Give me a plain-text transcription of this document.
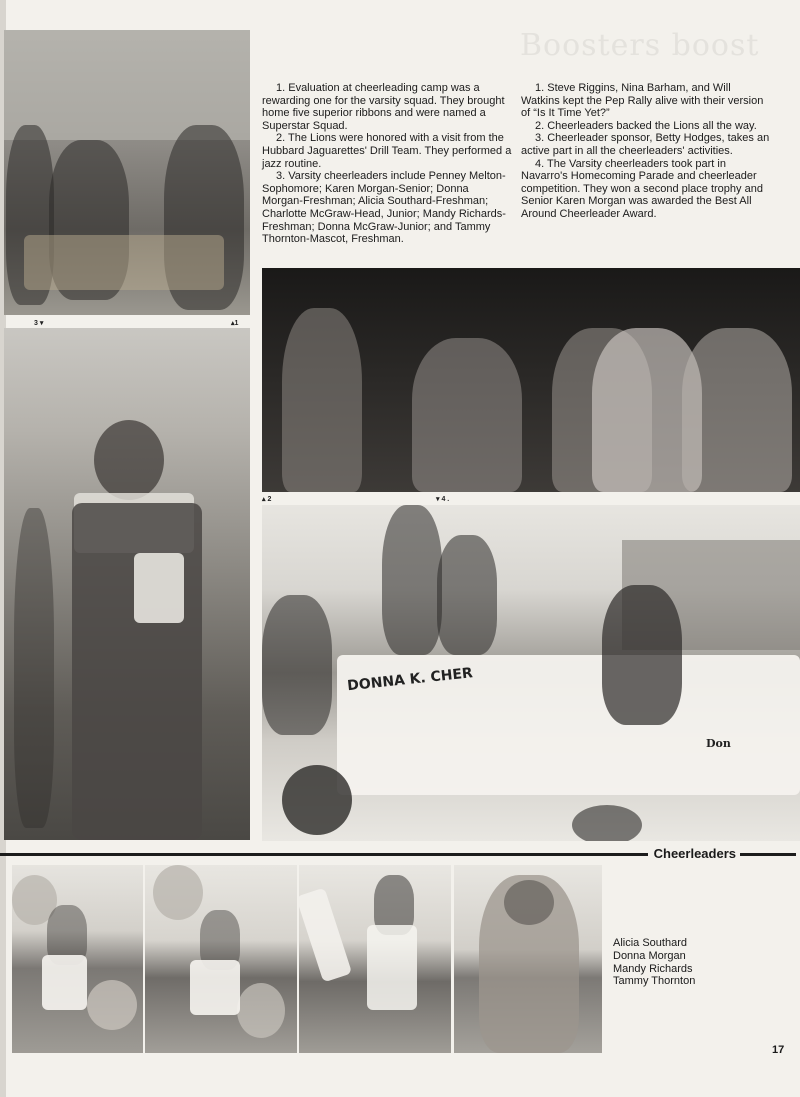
Boosters boost
3 ▾	▴1

1. Evaluation at cheerleading camp was a rewarding one for the varsity squad. They brought home five superior ribbons and were named a Superstar Squad.

2. The Lions were honored with a visit from the Hubbard Jaguarettes' Drill Team. They performed a jazz routine.

3. Varsity cheerleaders include Penney Melton-Sophomore; Karen Morgan-Senior; Donna Morgan-Freshman; Alicia Southard-Freshman; Charlotte McGraw-Head, Junior; Mandy Richards-Freshman; Donna McGraw-Junior; and Tammy Thornton-Mascot, Freshman.

1. Steve Riggins, Nina Barham, and Will Watkins kept the Pep Rally alive with their version of “Is It Time Yet?”

2. Cheerleaders backed the Lions all the way.

3. Cheerleader sponsor, Betty Hodges, takes an active part in all the cheerleaders' activities.

4. The Varsity cheerleaders took part in Navarro's Homecoming Parade and cheerleader competition. They won a second place trophy and Senior Karen Morgan was awarded the Best All Around Cheerleader Award.

▴ 2	▾ 4 .
DONNA K. CHER
Don
Cheerleaders
Alicia Southard
Donna Morgan
Mandy Richards
Tammy Thornton
17
